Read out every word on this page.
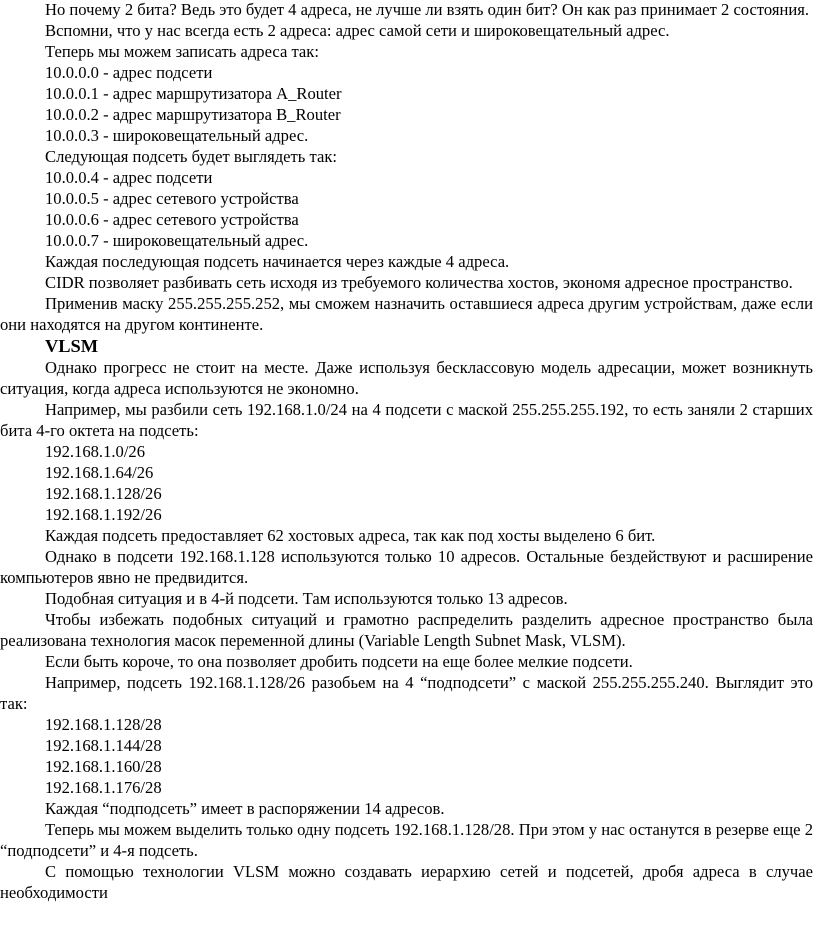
Но почему 2 бита? Ведь это будет 4 адреса, не лучше ли взять один бит? Он как раз принимает 2 состояния.

Вспомни, что у нас всегда есть 2 адреса: адрес самой сети и широковещательный адрес.

Теперь мы можем записать адреса так:

10.0.0.0 - адрес подсети

10.0.0.1 - адрес маршрутизатора A_Router

10.0.0.2 - адрес маршрутизатора B_Router

10.0.0.3 - широковещательный адрес.

Следующая подсеть будет выглядеть так:

10.0.0.4 - адрес подсети

10.0.0.5 - адрес сетевого устройства

10.0.0.6 - адрес сетевого устройства

10.0.0.7 - широковещательный адрес.

Каждая последующая подсеть начинается через каждые 4 адреса.

CIDR позволяет разбивать сеть исходя из требуемого количества хостов, экономя адресное пространство.

Применив маску 255.255.255.252, мы сможем назначить оставшиеся адреса другим устройствам, даже если они находятся на другом континенте.

VLSM

Однако прогресс не стоит на месте. Даже используя бесклассовую модель адресации, может возникнуть ситуация, когда адреса используются не экономно.

Например, мы разбили сеть 192.168.1.0/24 на 4 подсети с маской 255.255.255.192, то есть заняли 2 старших бита 4-го октета на подсеть:

192.168.1.0/26

192.168.1.64/26

192.168.1.128/26

192.168.1.192/26

Каждая подсеть предоставляет 62 хостовых адреса, так как под хосты выделено 6 бит.

Однако в подсети 192.168.1.128 используются только 10 адресов. Остальные бездействуют и расширение компьютеров явно не предвидится.

Подобная ситуация и в 4-й подсети. Там используются только 13 адресов.

Чтобы избежать подобных ситуаций и грамотно распределить разделить адресное пространство была реализована технология масок переменной длины (Variable Length Subnet Mask, VLSM).

Если быть короче, то она позволяет дробить подсети на еще более мелкие подсети.

Например, подсеть 192.168.1.128/26 разобьем на 4 “подподсети” с маской 255.255.255.240. Выглядит это так:

192.168.1.128/28

192.168.1.144/28

192.168.1.160/28

192.168.1.176/28

Каждая “подподсеть” имеет в распоряжении 14 адресов.

Теперь мы можем выделить только одну подсеть 192.168.1.128/28. При этом у нас останутся в резерве еще 2 “подподсети” и 4-я подсеть.

С помощью технологии VLSM можно создавать иерархию сетей и подсетей, дробя адреса в случае необходимости
